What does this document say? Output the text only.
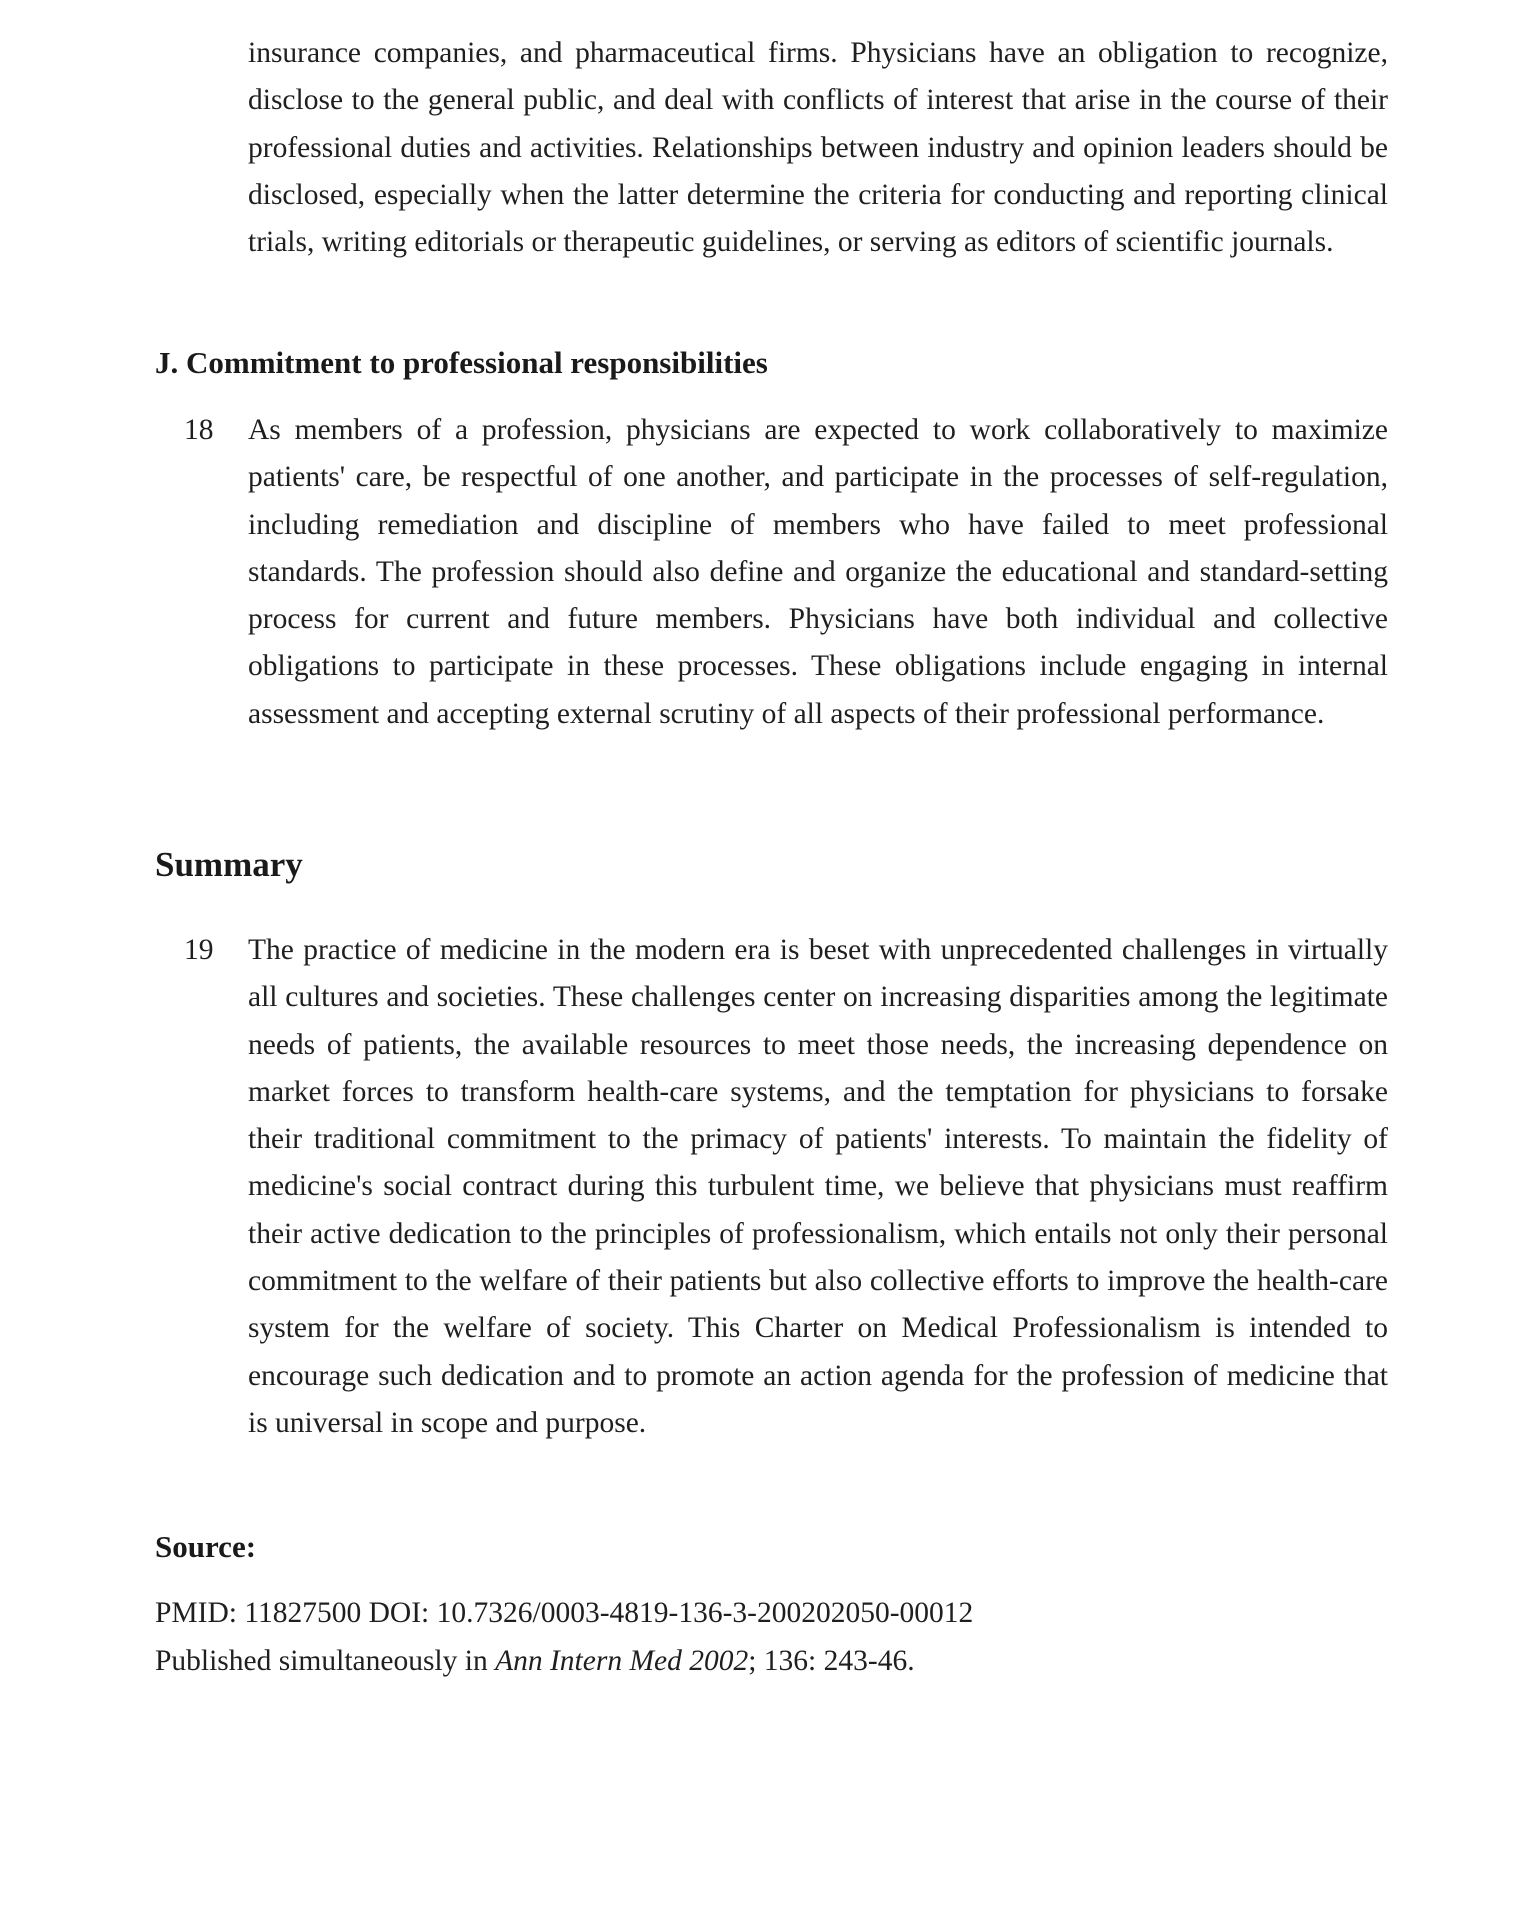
insurance companies, and pharmaceutical firms. Physicians have an obligation to recognize, disclose to the general public, and deal with conflicts of interest that arise in the course of their professional duties and activities. Relationships between industry and opinion leaders should be disclosed, especially when the latter determine the criteria for conducting and reporting clinical trials, writing editorials or therapeutic guidelines, or serving as editors of scientific journals.

J. Commitment to professional responsibilities
18 As members of a profession, physicians are expected to work collaboratively to maximize patients' care, be respectful of one another, and participate in the processes of self-regulation, including remediation and discipline of members who have failed to meet professional standards. The profession should also define and organize the educational and standard-setting process for current and future members. Physicians have both individual and collective obligations to participate in these processes. These obligations include engaging in internal assessment and accepting external scrutiny of all aspects of their professional performance.

Summary
19 The practice of medicine in the modern era is beset with unprecedented challenges in virtually all cultures and societies. These challenges center on increasing disparities among the legitimate needs of patients, the available resources to meet those needs, the increasing dependence on market forces to transform health-care systems, and the temptation for physicians to forsake their traditional commitment to the primacy of patients' interests. To maintain the fidelity of medicine's social contract during this turbulent time, we believe that physicians must reaffirm their active dedication to the principles of professionalism, which entails not only their personal commitment to the welfare of their patients but also collective efforts to improve the health-care system for the welfare of society. This Charter on Medical Professionalism is intended to encourage such dedication and to promote an action agenda for the profession of medicine that is universal in scope and purpose.

Source:

PMID: 11827500 DOI: 10.7326/0003-4819-136-3-200202050-00012

Published simultaneously in Ann Intern Med 2002; 136: 243-46.
